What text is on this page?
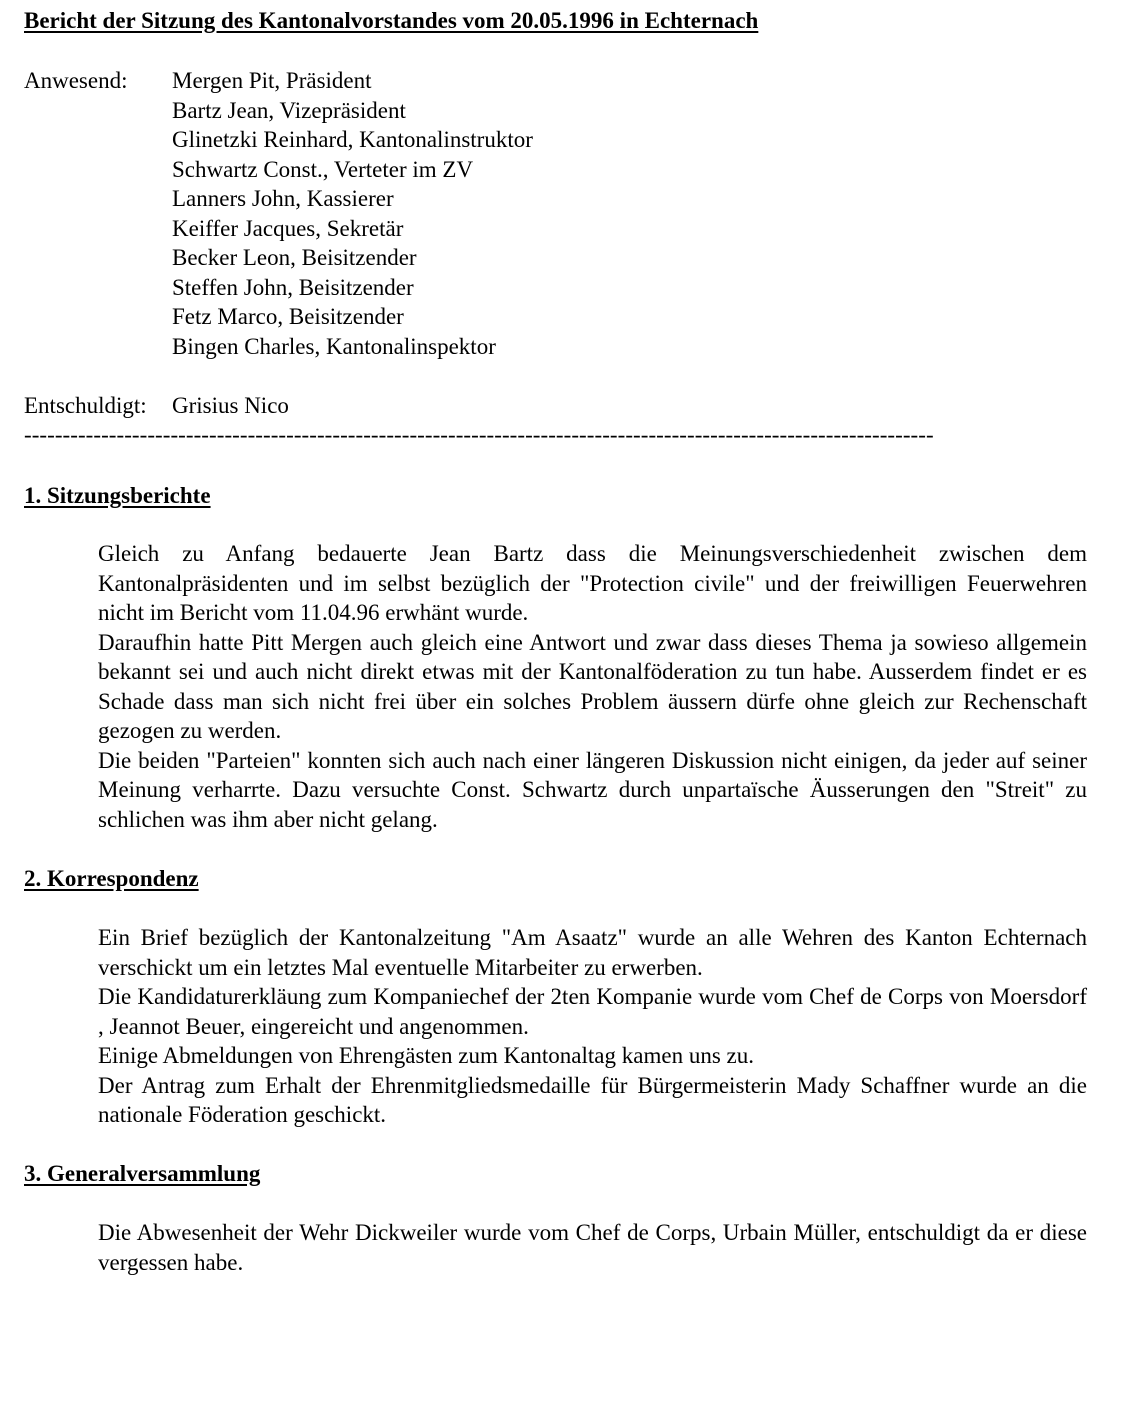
Bericht der Sitzung des Kantonalvorstandes vom 20.05.1996 in Echternach
Anwesend: Mergen Pit, Präsident
Bartz Jean, Vizepräsident
Glinetzki Reinhard, Kantonalinstruktor
Schwartz Const., Verteter im ZV
Lanners John, Kassierer
Keiffer Jacques, Sekretär
Becker Leon, Beisitzender
Steffen John, Beisitzender
Fetz Marco, Beisitzender
Bingen Charles, Kantonalinspektor
Entschuldigt: Grisius Nico
----------------------------------------------------------------------------------------------------------------------
1. Sitzungsberichte

Gleich zu Anfang bedauerte Jean Bartz dass die Meinungsverschiedenheit zwischen dem Kantonalpräsidenten und im selbst bezüglich der "Protection civile" und der freiwilligen Feuerwehren nicht im Bericht vom 11.04.96 erwhänt wurde.

Daraufhin hatte Pitt Mergen auch gleich eine Antwort und zwar dass dieses Thema ja sowieso allgemein bekannt sei und auch nicht direkt etwas mit der Kantonalföderation zu tun habe. Ausserdem findet er es Schade dass man sich nicht frei über ein solches Problem äussern dürfe ohne gleich zur Rechenschaft gezogen zu werden.

Die beiden "Parteien" konnten sich auch nach einer längeren Diskussion nicht einigen, da jeder auf seiner Meinung verharrte. Dazu versuchte Const. Schwartz durch unpartaïsche Äusserungen den "Streit" zu schlichen was ihm aber nicht gelang.

2. Korrespondenz

Ein Brief bezüglich der Kantonalzeitung "Am Asaatz" wurde an alle Wehren des Kanton Echternach verschickt um ein letztes Mal eventuelle Mitarbeiter zu erwerben.

Die Kandidaturerkläung zum Kompaniechef der 2ten Kompanie wurde vom Chef de Corps von Moersdorf , Jeannot Beuer, eingereicht und angenommen.

Einige Abmeldungen von Ehrengästen zum Kantonaltag kamen uns zu.

Der Antrag zum Erhalt der Ehrenmitgliedsmedaille für Bürgermeisterin Mady Schaffner wurde an die nationale Föderation geschickt.

3. Generalversammlung

Die Abwesenheit der Wehr Dickweiler wurde vom Chef de Corps, Urbain Müller, entschuldigt da er diese vergessen habe.
